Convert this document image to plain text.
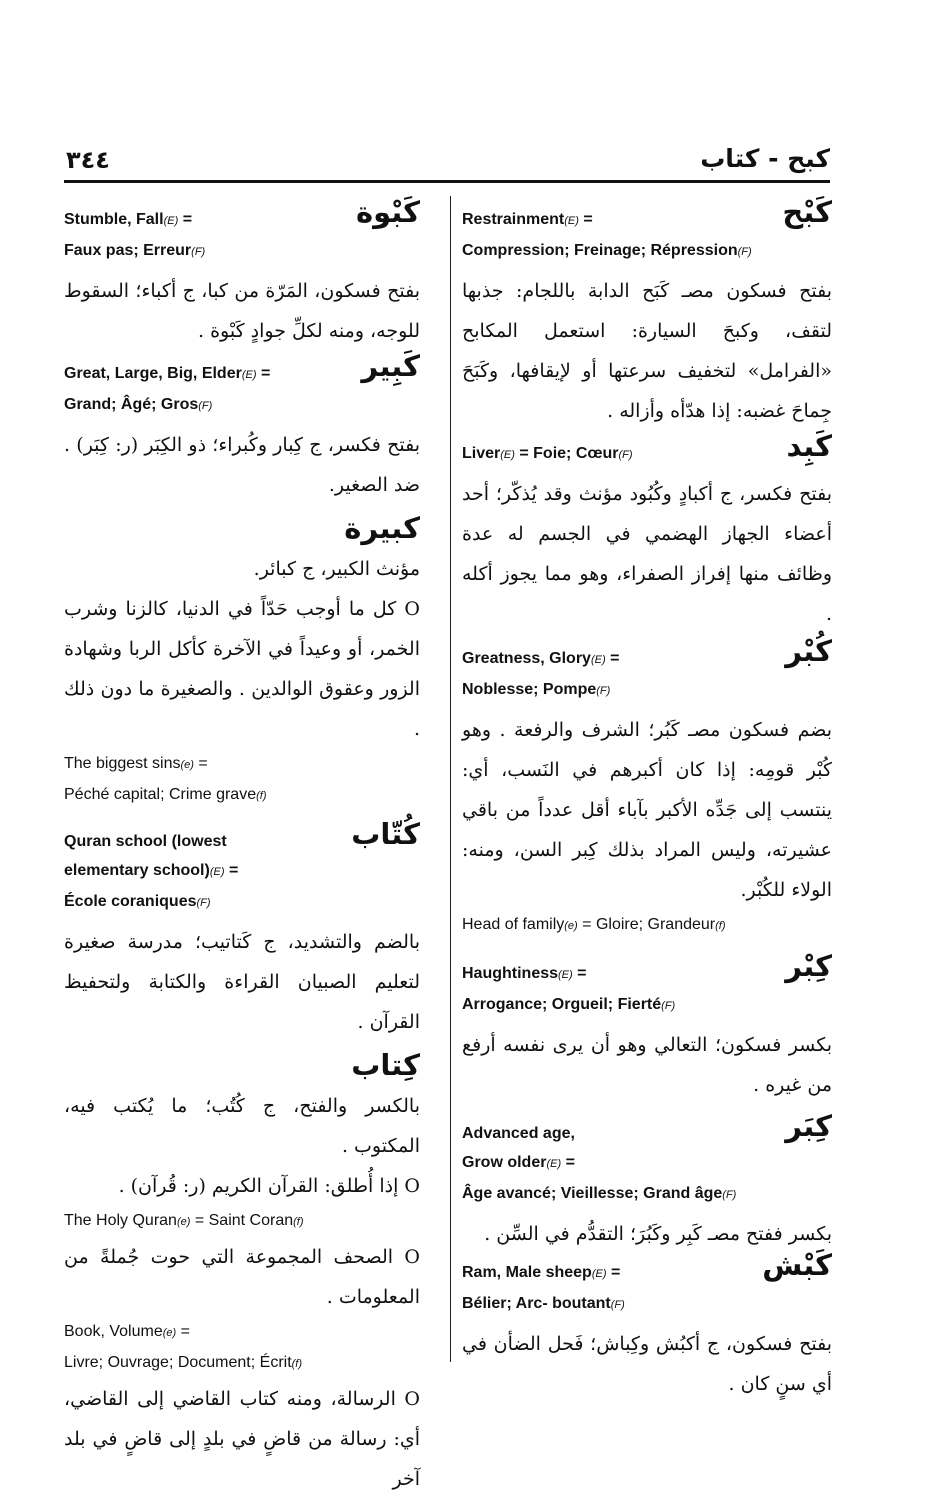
٣٤٤	كبح - كتاب
كَبْوة
Stumble, Fall(E) =
Faux pas; Erreur(F)
بفتح فسكون، المَرّة من كبا، ج أكباء؛ السقوط للوجه، ومنه لكلِّ جوادٍ كَبْوة .
كَبِير
Great, Large, Big, Elder(E) =
Grand; Âgé; Gros(F)
بفتح فكسر، ج كِبار وكُبراء؛ ذو الكِبَر (ر: كِبَر) . ضد الصغير.
كبيرة
مؤنث الكبير، ج كبائر.
O كل ما أوجب حَدّاً في الدنيا، كالزنا وشرب الخمر، أو وعيداً في الآخرة كأكل الربا وشهادة الزور وعقوق الوالدين . والصغيرة ما دون ذلك .
The biggest sins(e) =
Péché capital; Crime grave(f)
كُتّاب
Quran school (lowest
elementary school)(E) =
École coraniques(F)
بالضم والتشديد، ج كَتاتيب؛ مدرسة صغيرة لتعليم الصبيان القراءة والكتابة ولتحفيظ القرآن .
كِتاب
بالكسر والفتح، ج كُتُب؛ ما يُكتب فيه، المكتوب .
O إذا أُطلق: القرآن الكريم (ر: قُرآن) .
The Holy Quran(e) = Saint Coran(f)
O الصحف المجموعة التي حوت جُملةً من المعلومات .
Book, Volume(e) =
Livre; Ouvrage; Document; Écrit(f)
O الرسالة، ومنه كتاب القاضي إلى القاضي، أي: رسالة من قاضٍ في بلدٍ إلى قاضٍ في بلد آخر
كَبْح
Restrainment(E) =
Compression; Freinage; Répression(F)
بفتح فسكون مصـ كَبَح الدابة باللجام: جذبها لتقف، وكبحَ السيارة: استعمل المكابح «الفرامل» لتخفيف سرعتها أو لإيقافها، وكَبَحَ جِماحَ غضبه: إذا هدّأه وأزاله .
كَبِد
Liver(E) = Foie; Cœur(F)
بفتح فكسر، ج أكبادٍ وكُبُود مؤنث وقد يُذكّر؛ أحد أعضاء الجهاز الهضمي في الجسم له عدة وظائف منها إفراز الصفراء، وهو مما يجوز أكله .
كُبْر
Greatness, Glory(E) =
Noblesse; Pompe(F)
بضم فسكون مصـ كَبُر؛ الشرف والرفعة . وهو كُبْر قومِه: إذا كان أكبرهم في النَسب، أي: ينتسب إلى جَدِّه الأكبر بآباء أقل عدداً من باقي عشيرته، وليس المراد بذلك كِبر السن، ومنه: الولاء للكُبْر.
Head of family(e) = Gloire; Grandeur(f)
كِبْر
Haughtiness(E) =
Arrogance; Orgueil; Fierté(F)
بكسر فسكون؛ التعالي وهو أن يرى نفسه أرفع من غيره .
كِبَر
Advanced age,
Grow older(E) =
Âge avancé; Vieillesse; Grand âge(F)
بكسر ففتح مصـ كَبِر وكَبُرَ؛ التقدُّم في السِّن .
كَبْش
Ram, Male sheep(E) =
Bélier; Arc- boutant(F)
بفتح فسكون، ج أكبُش وكِباش؛ فَحل الضأن في أي سنٍ كان .
